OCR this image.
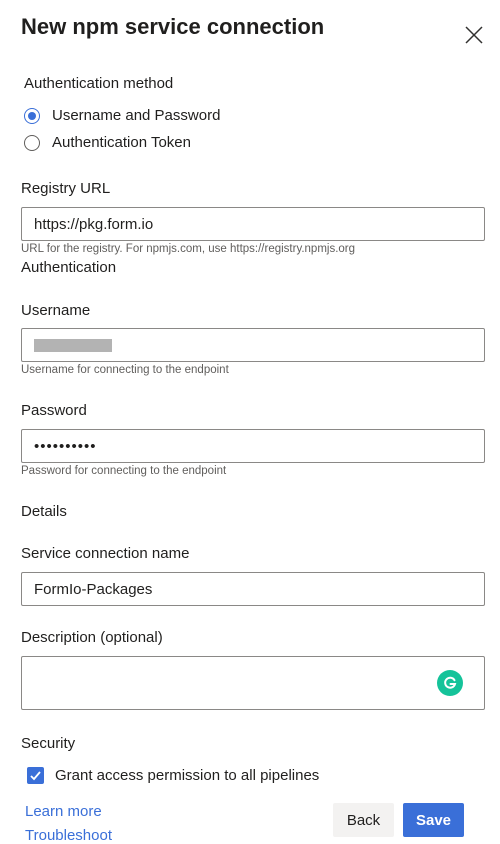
New npm service connection
Authentication method
Username and Password
Authentication Token
Registry URL
https://pkg.form.io
URL for the registry. For npmjs.com, use https://registry.npmjs.org
Authentication
Username
Username for connecting to the endpoint
Password
••••••••••
Password for connecting to the endpoint
Details
Service connection name
FormIo-Packages
Description (optional)
Security
Grant access permission to all pipelines
Learn more
Troubleshoot
Back	Save
